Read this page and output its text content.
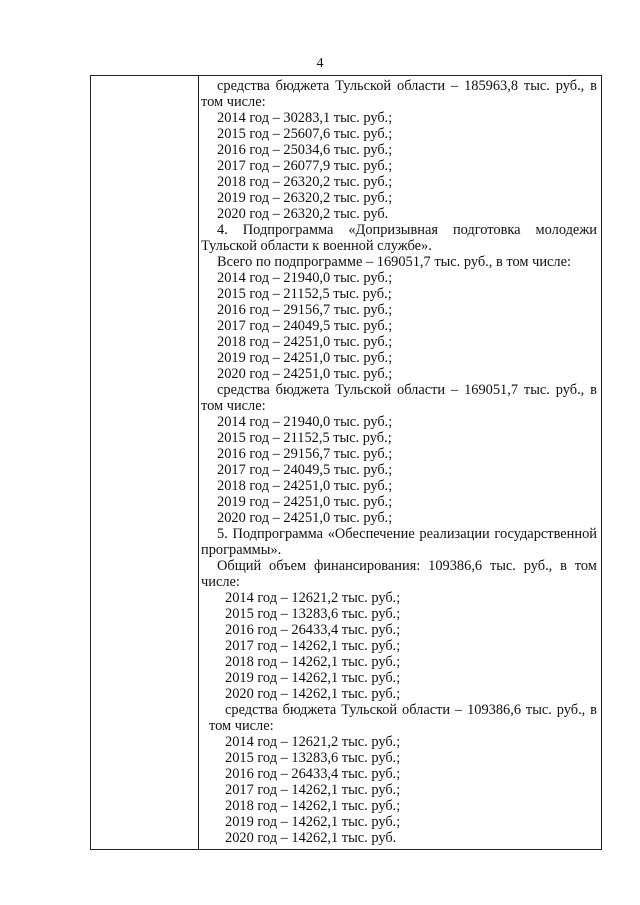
4
средства бюджета Тульской области – 185963,8 тыс. руб., в
том числе:
2014 год – 30283,1 тыс. руб.;
2015 год – 25607,6 тыс. руб.;
2016 год – 25034,6 тыс. руб.;
2017 год – 26077,9 тыс. руб.;
2018 год – 26320,2 тыс. руб.;
2019 год – 26320,2 тыс. руб.;
2020 год – 26320,2 тыс. руб.
4. Подпрограмма «Допризывная подготовка молодежи
Тульской области к военной службе».
Всего по подпрограмме – 169051,7 тыс. руб., в том числе:
2014 год – 21940,0 тыс. руб.;
2015 год – 21152,5 тыс. руб.;
2016 год – 29156,7 тыс. руб.;
2017 год – 24049,5 тыс. руб.;
2018 год – 24251,0 тыс. руб.;
2019 год – 24251,0 тыс. руб.;
2020 год – 24251,0 тыс. руб.;
средства бюджета Тульской области – 169051,7 тыс. руб., в
том числе:
2014 год – 21940,0 тыс. руб.;
2015 год – 21152,5 тыс. руб.;
2016 год – 29156,7 тыс. руб.;
2017 год – 24049,5 тыс. руб.;
2018 год – 24251,0 тыс. руб.;
2019 год – 24251,0 тыс. руб.;
2020 год – 24251,0 тыс. руб.;
5. Подпрограмма «Обеспечение реализации государственной
программы».
Общий объем финансирования: 109386,6 тыс. руб., в том
числе:
2014 год – 12621,2 тыс. руб.;
2015 год – 13283,6 тыс. руб.;
2016 год – 26433,4 тыс. руб.;
2017 год – 14262,1 тыс. руб.;
2018 год – 14262,1 тыс. руб.;
2019 год – 14262,1 тыс. руб.;
2020 год – 14262,1 тыс. руб.;
средства бюджета Тульской области – 109386,6 тыс. руб., в
том числе:
2014 год – 12621,2 тыс. руб.;
2015 год – 13283,6 тыс. руб.;
2016 год – 26433,4 тыс. руб.;
2017 год – 14262,1 тыс. руб.;
2018 год – 14262,1 тыс. руб.;
2019 год – 14262,1 тыс. руб.;
2020 год – 14262,1 тыс. руб.
